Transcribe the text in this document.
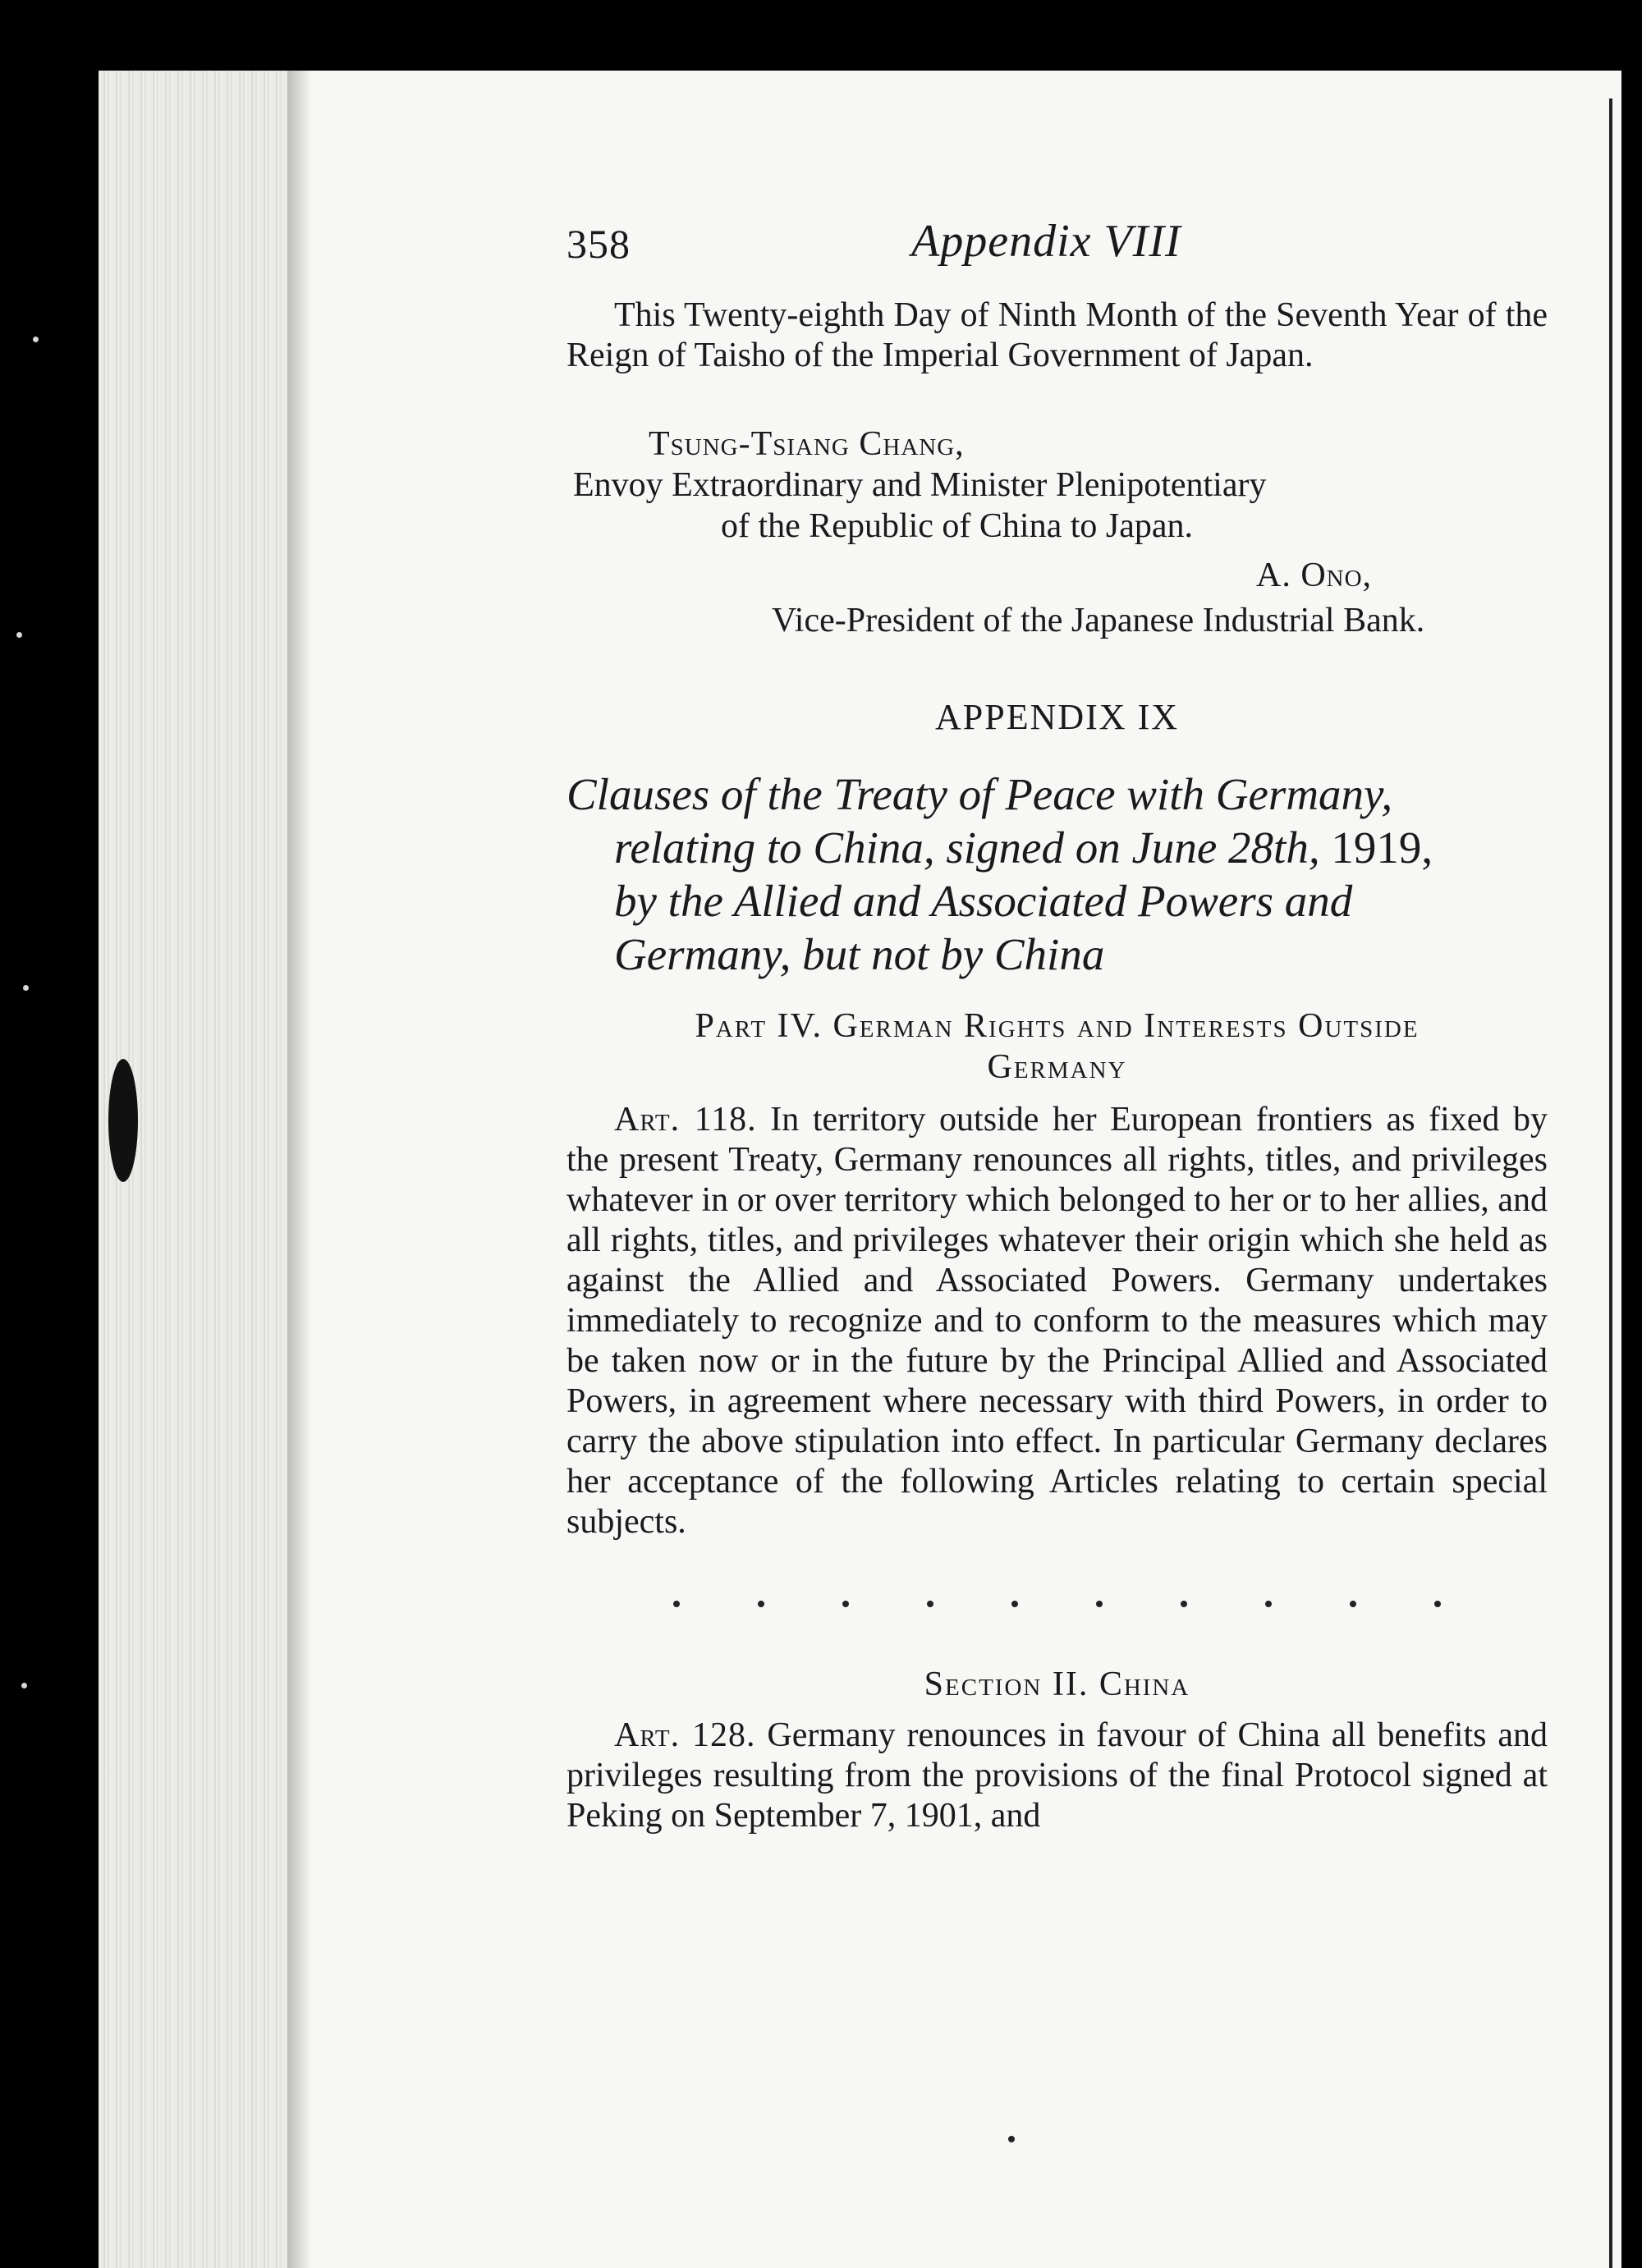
358	Appendix VIII
This Twenty-eighth Day of Ninth Month of the Seventh Year of the Reign of Taisho of the Imperial Government of Japan.
Tsung-Tsiang Chang,
Envoy Extraordinary and Minister Plenipotentiary
of the Republic of China to Japan.
A. Ono,
Vice-President of the Japanese Industrial Bank.
APPENDIX IX
Clauses of the Treaty of Peace with Germany,
relating to China, signed on June 28th, 1919,
by the Allied and Associated Powers and
Germany, but not by China
Part IV. German Rights and Interests Outside
Germany
Art. 118. In territory outside her European frontiers as fixed by the present Treaty, Germany renounces all rights, titles, and privileges whatever in or over territory which belonged to her or to her allies, and all rights, titles, and privileges whatever their origin which she held as against the Allied and Associated Powers. Germany undertakes immediately to recognize and to conform to the measures which may be taken now or in the future by the Principal Allied and Associated Powers, in agreement where necessary with third Powers, in order to carry the above stipulation into effect. In particular Germany declares her acceptance of the following Articles relating to certain special subjects.
Section II. China
Art. 128. Germany renounces in favour of China all benefits and privileges resulting from the provisions of the final Protocol signed at Peking on September 7, 1901, and
